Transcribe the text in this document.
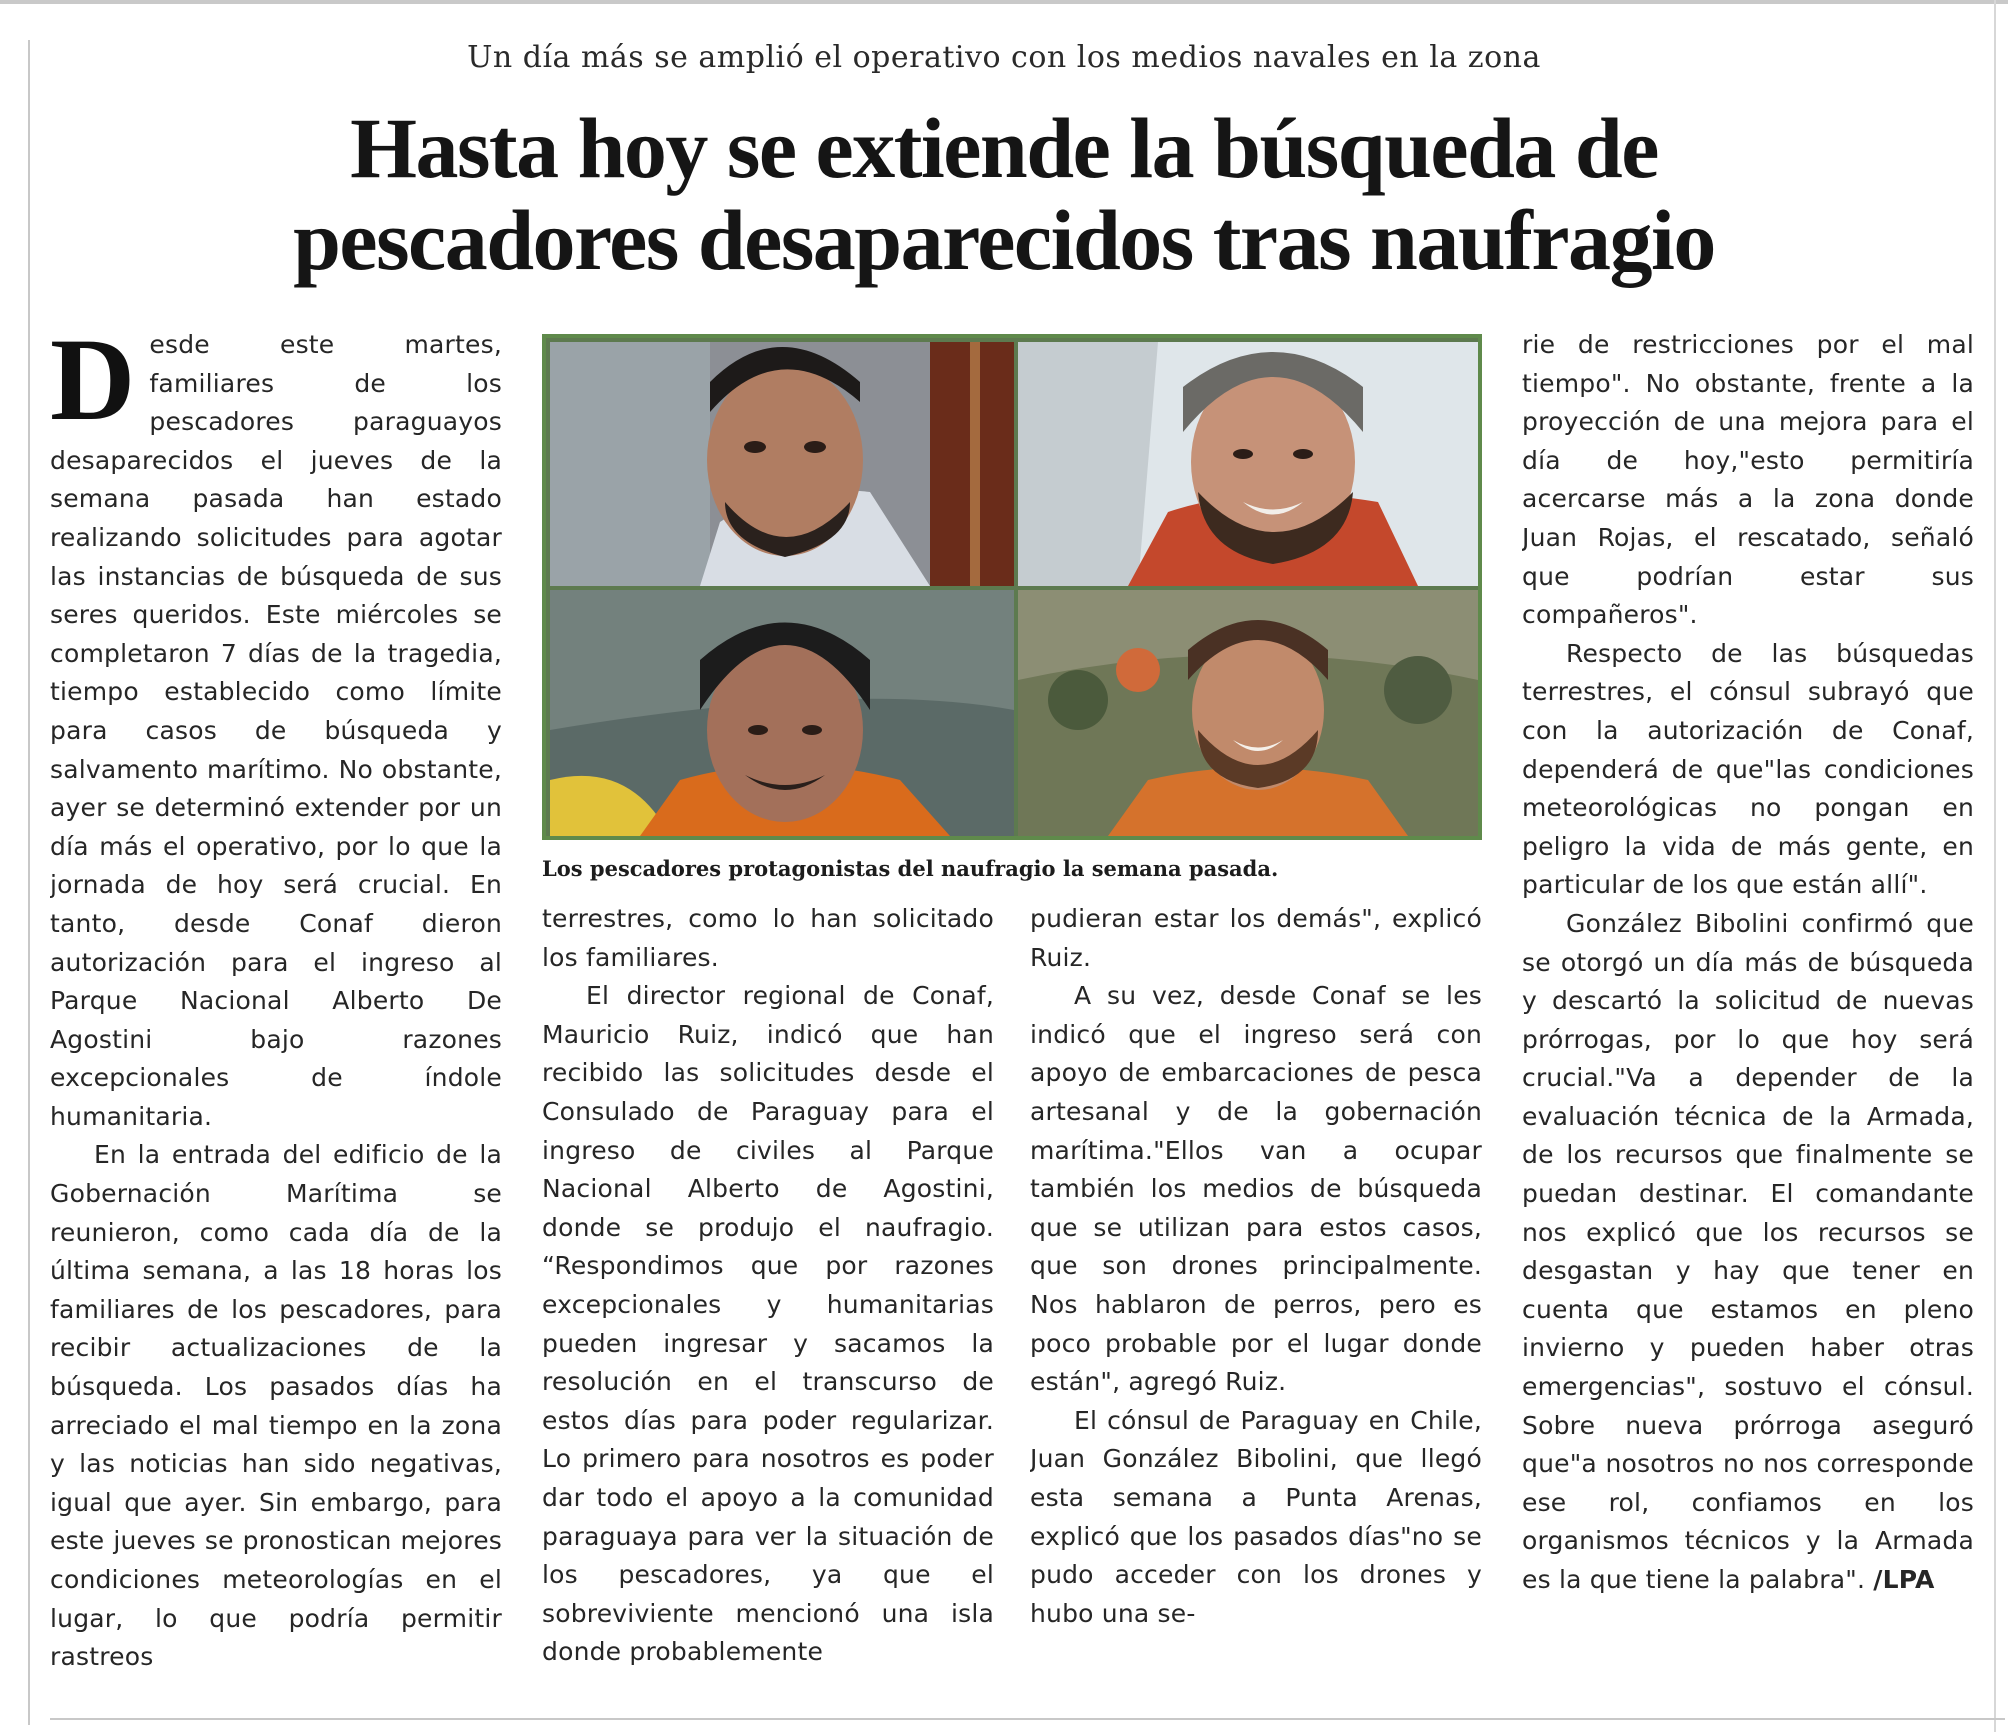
Un día más se amplió el operativo con los medios navales en la zona
Hasta hoy se extiende la búsqueda de
pescadores desaparecidos tras naufragio

Desde este martes, familiares de los pescadores paraguayos desaparecidos el jueves de la semana pasada han estado realizando solicitudes para agotar las instancias de búsqueda de sus seres queridos. Este miércoles se completaron 7 días de la tragedia, tiempo establecido como límite para casos de búsqueda y salvamento marítimo. No obstante, ayer se determinó extender por un día más el operativo, por lo que la jornada de hoy será crucial. En tanto, desde Conaf dieron autorización para el ingreso al Parque Nacional Alberto De Agostini bajo razones excepcionales de índole humanitaria.

En la entrada del edificio de la Gobernación Marítima se reunieron, como cada día de la última semana, a las 18 horas los familiares de los pescadores, para recibir actualizaciones de la búsqueda. Los pasados días ha arreciado el mal tiempo en la zona y las noticias han sido negativas, igual que ayer. Sin embargo, para este jueves se pronostican mejores condiciones meteorologías en el lugar, lo que podría permitir rastreos

Los pescadores protagonistas del naufragio la semana pasada.

terrestres, como lo han solicitado los familiares.

El director regional de Conaf, Mauricio Ruiz, indicó que han recibido las solicitudes desde el Consulado de Paraguay para el ingreso de civiles al Parque Nacional Alberto de Agostini, donde se produjo el naufragio. “Respondimos que por razones excepcionales y humanitarias pueden ingresar y sacamos la resolución en el transcurso de estos días para poder regularizar. Lo primero para nosotros es poder dar todo el apoyo a la comunidad paraguaya para ver la situación de los pescadores, ya que el sobreviviente mencionó una isla donde probablemente

pudieran estar los demás", explicó Ruiz.

A su vez, desde Conaf se les indicó que el ingreso será con apoyo de embarcaciones de pesca artesanal y de la gobernación marítima."Ellos van a ocupar también los medios de búsqueda que se utilizan para estos casos, que son drones principalmente. Nos hablaron de perros, pero es poco probable por el lugar donde están", agregó Ruiz.

El cónsul de Paraguay en Chile, Juan González Bibolini, que llegó esta semana a Punta Arenas, explicó que los pasados días"no se pudo acceder con los drones y hubo una se-

rie de restricciones por el mal tiempo". No obstante, frente a la proyección de una mejora para el día de hoy,"esto permitiría acercarse más a la zona donde Juan Rojas, el rescatado, señaló que podrían estar sus compañeros".

Respecto de las búsquedas terrestres, el cónsul subrayó que con la autorización de Conaf, dependerá de que"las condiciones meteorológicas no pongan en peligro la vida de más gente, en particular de los que están allí".

González Bibolini confirmó que se otorgó un día más de búsqueda y descartó la solicitud de nuevas prórrogas, por lo que hoy será crucial."Va a depender de la evaluación técnica de la Armada, de los recursos que finalmente se puedan destinar. El comandante nos explicó que los recursos se desgastan y hay que tener en cuenta que estamos en pleno invierno y pueden haber otras emergencias", sostuvo el cónsul. Sobre nueva prórroga aseguró que"a nosotros no nos corresponde ese rol, confiamos en los organismos técnicos y la Armada es la que tiene la palabra". /LPA
